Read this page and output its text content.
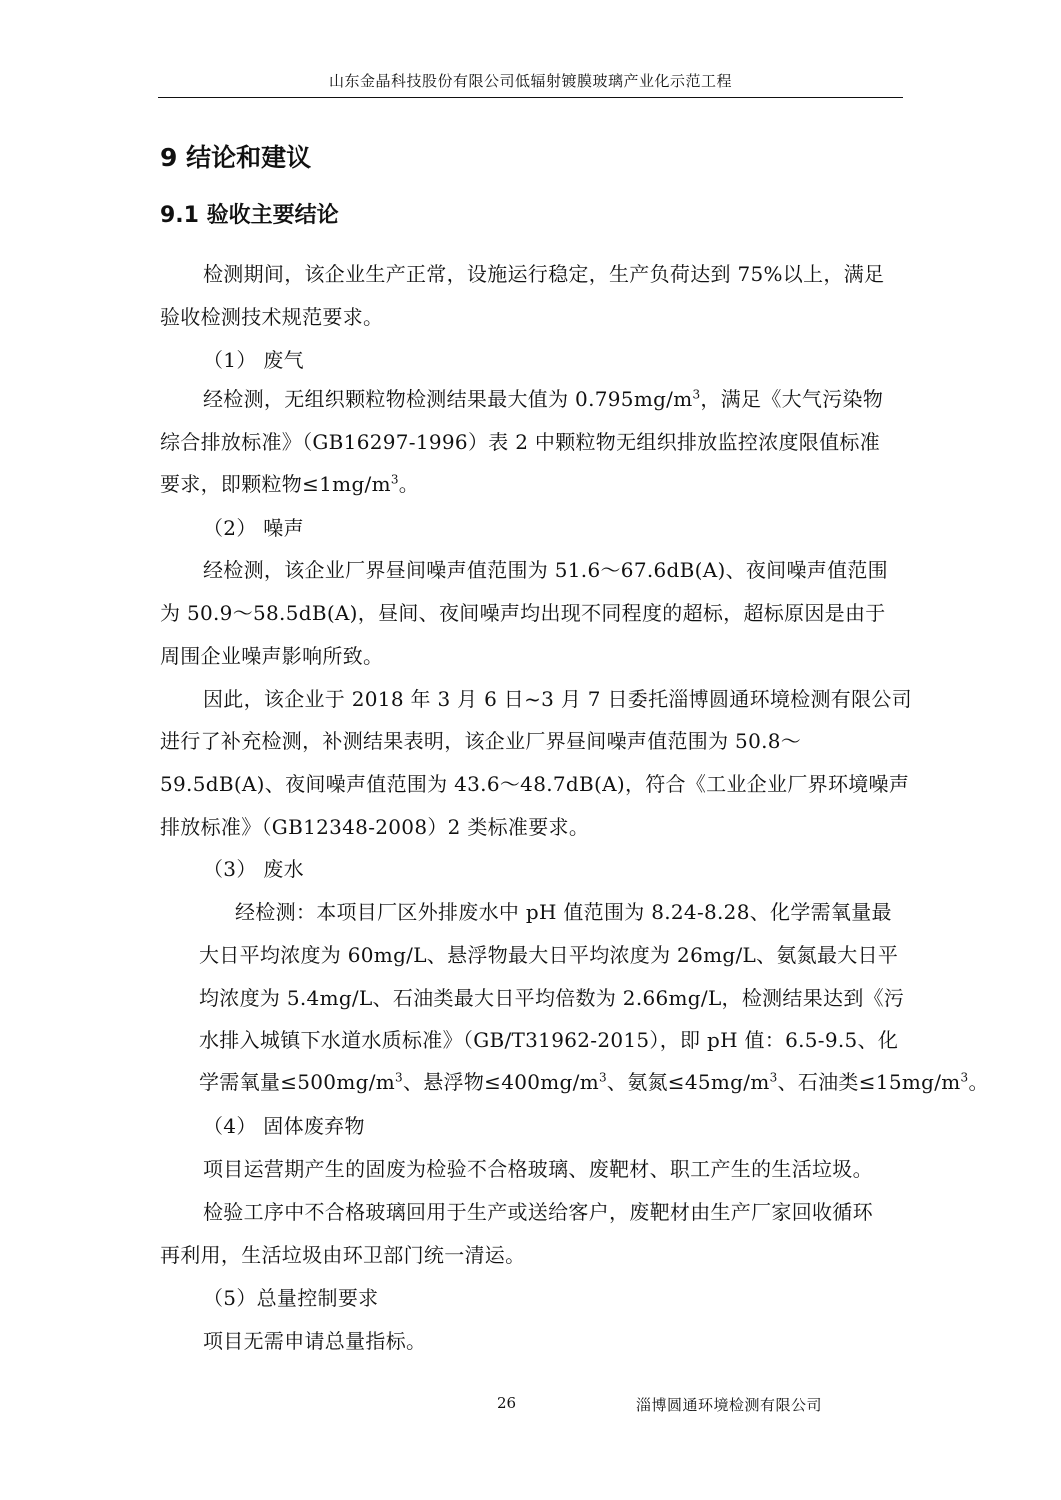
山东金晶科技股份有限公司低辐射镀膜玻璃产业化示范工程
9 结论和建议
9.1 验收主要结论
检测期间，该企业生产正常，设施运行稳定，生产负荷达到 75%以上，满足
验收检测技术规范要求。
（1） 废气
经检测，无组织颗粒物检测结果最大值为 $0.795mg/m^3$，满足《大气污染物
综合排放标准》（GB16297-1996）表 2 中颗粒物无组织排放监控浓度限值标准
要求，即颗粒物$\le 1mg/m^3$。
（2） 噪声
经检测，该企业厂界昼间噪声值范围为 51.6～67.6dB(A)、夜间噪声值范围
为 50.9～58.5dB(A)，昼间、夜间噪声均出现不同程度的超标，超标原因是由于
周围企业噪声影响所致。
因此，该企业于 2018 年 3 月 6 日~3 月 7 日委托淄博圆通环境检测有限公司
进行了补充检测，补测结果表明，该企业厂界昼间噪声值范围为 50.8～
59.5dB(A)、夜间噪声值范围为 43.6～48.7dB(A)，符合《工业企业厂界环境噪声
排放标准》（GB12348-2008）2 类标准要求。
（3） 废水
经检测：本项目厂区外排废水中 pH 值范围为 8.24-8.28、化学需氧量最
大日平均浓度为 60mg/L、悬浮物最大日平均浓度为 26mg/L、氨氮最大日平
均浓度为 5.4mg/L、石油类最大日平均倍数为 2.66mg/L，检测结果达到《污
水排入城镇下水道水质标准》（GB/T31962-2015），即 pH 值：6.5-9.5、化
学需氧量$\le 500mg/m^3$、悬浮物$\le 400mg/m^3$、氨氮$\le 45mg/m^3$、石油类$\le 15mg/m^3$。
（4） 固体废弃物
项目运营期产生的固废为检验不合格玻璃、废靶材、职工产生的生活垃圾。
检验工序中不合格玻璃回用于生产或送给客户，废靶材由生产厂家回收循环
再利用，生活垃圾由环卫部门统一清运。
（5）总量控制要求
项目无需申请总量指标。
26	淄博圆通环境检测有限公司
